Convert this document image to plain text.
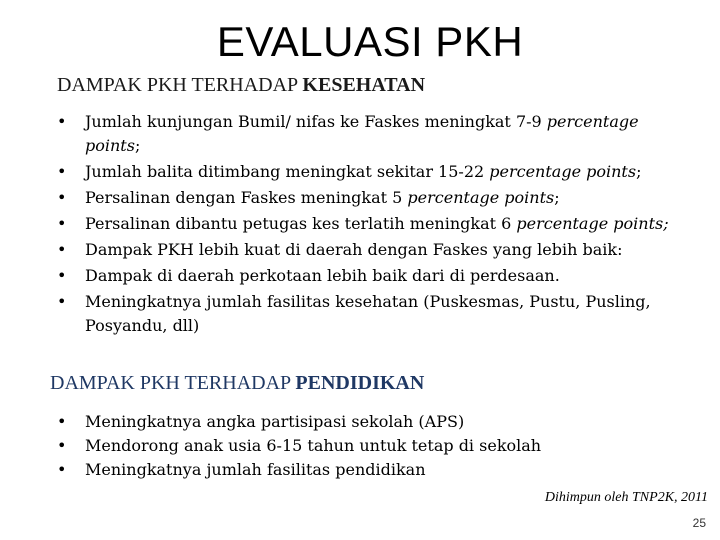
EVALUASI PKH
DAMPAK PKH TERHADAP KESEHATAN
•	Jumlah kunjungan Bumil/ nifas ke Faskes meningkat 7-9 percentage points;
•	Jumlah balita ditimbang meningkat sekitar 15-22 percentage points;
•	Persalinan dengan Faskes meningkat 5 percentage points;
•	Persalinan dibantu petugas kes terlatih meningkat 6 percentage points;
•	Dampak PKH lebih kuat di daerah dengan Faskes yang lebih baik:
•	Dampak di daerah perkotaan lebih baik dari di perdesaan.
•	Meningkatnya jumlah fasilitas kesehatan (Puskesmas, Pustu, Pusling, Posyandu, dll)
DAMPAK PKH TERHADAP PENDIDIKAN
•	Meningkatnya angka partisipasi sekolah (APS)
•	Mendorong anak usia 6-15 tahun untuk tetap di sekolah
•	Meningkatnya jumlah fasilitas pendidikan
Dihimpun oleh TNP2K, 2011
25
